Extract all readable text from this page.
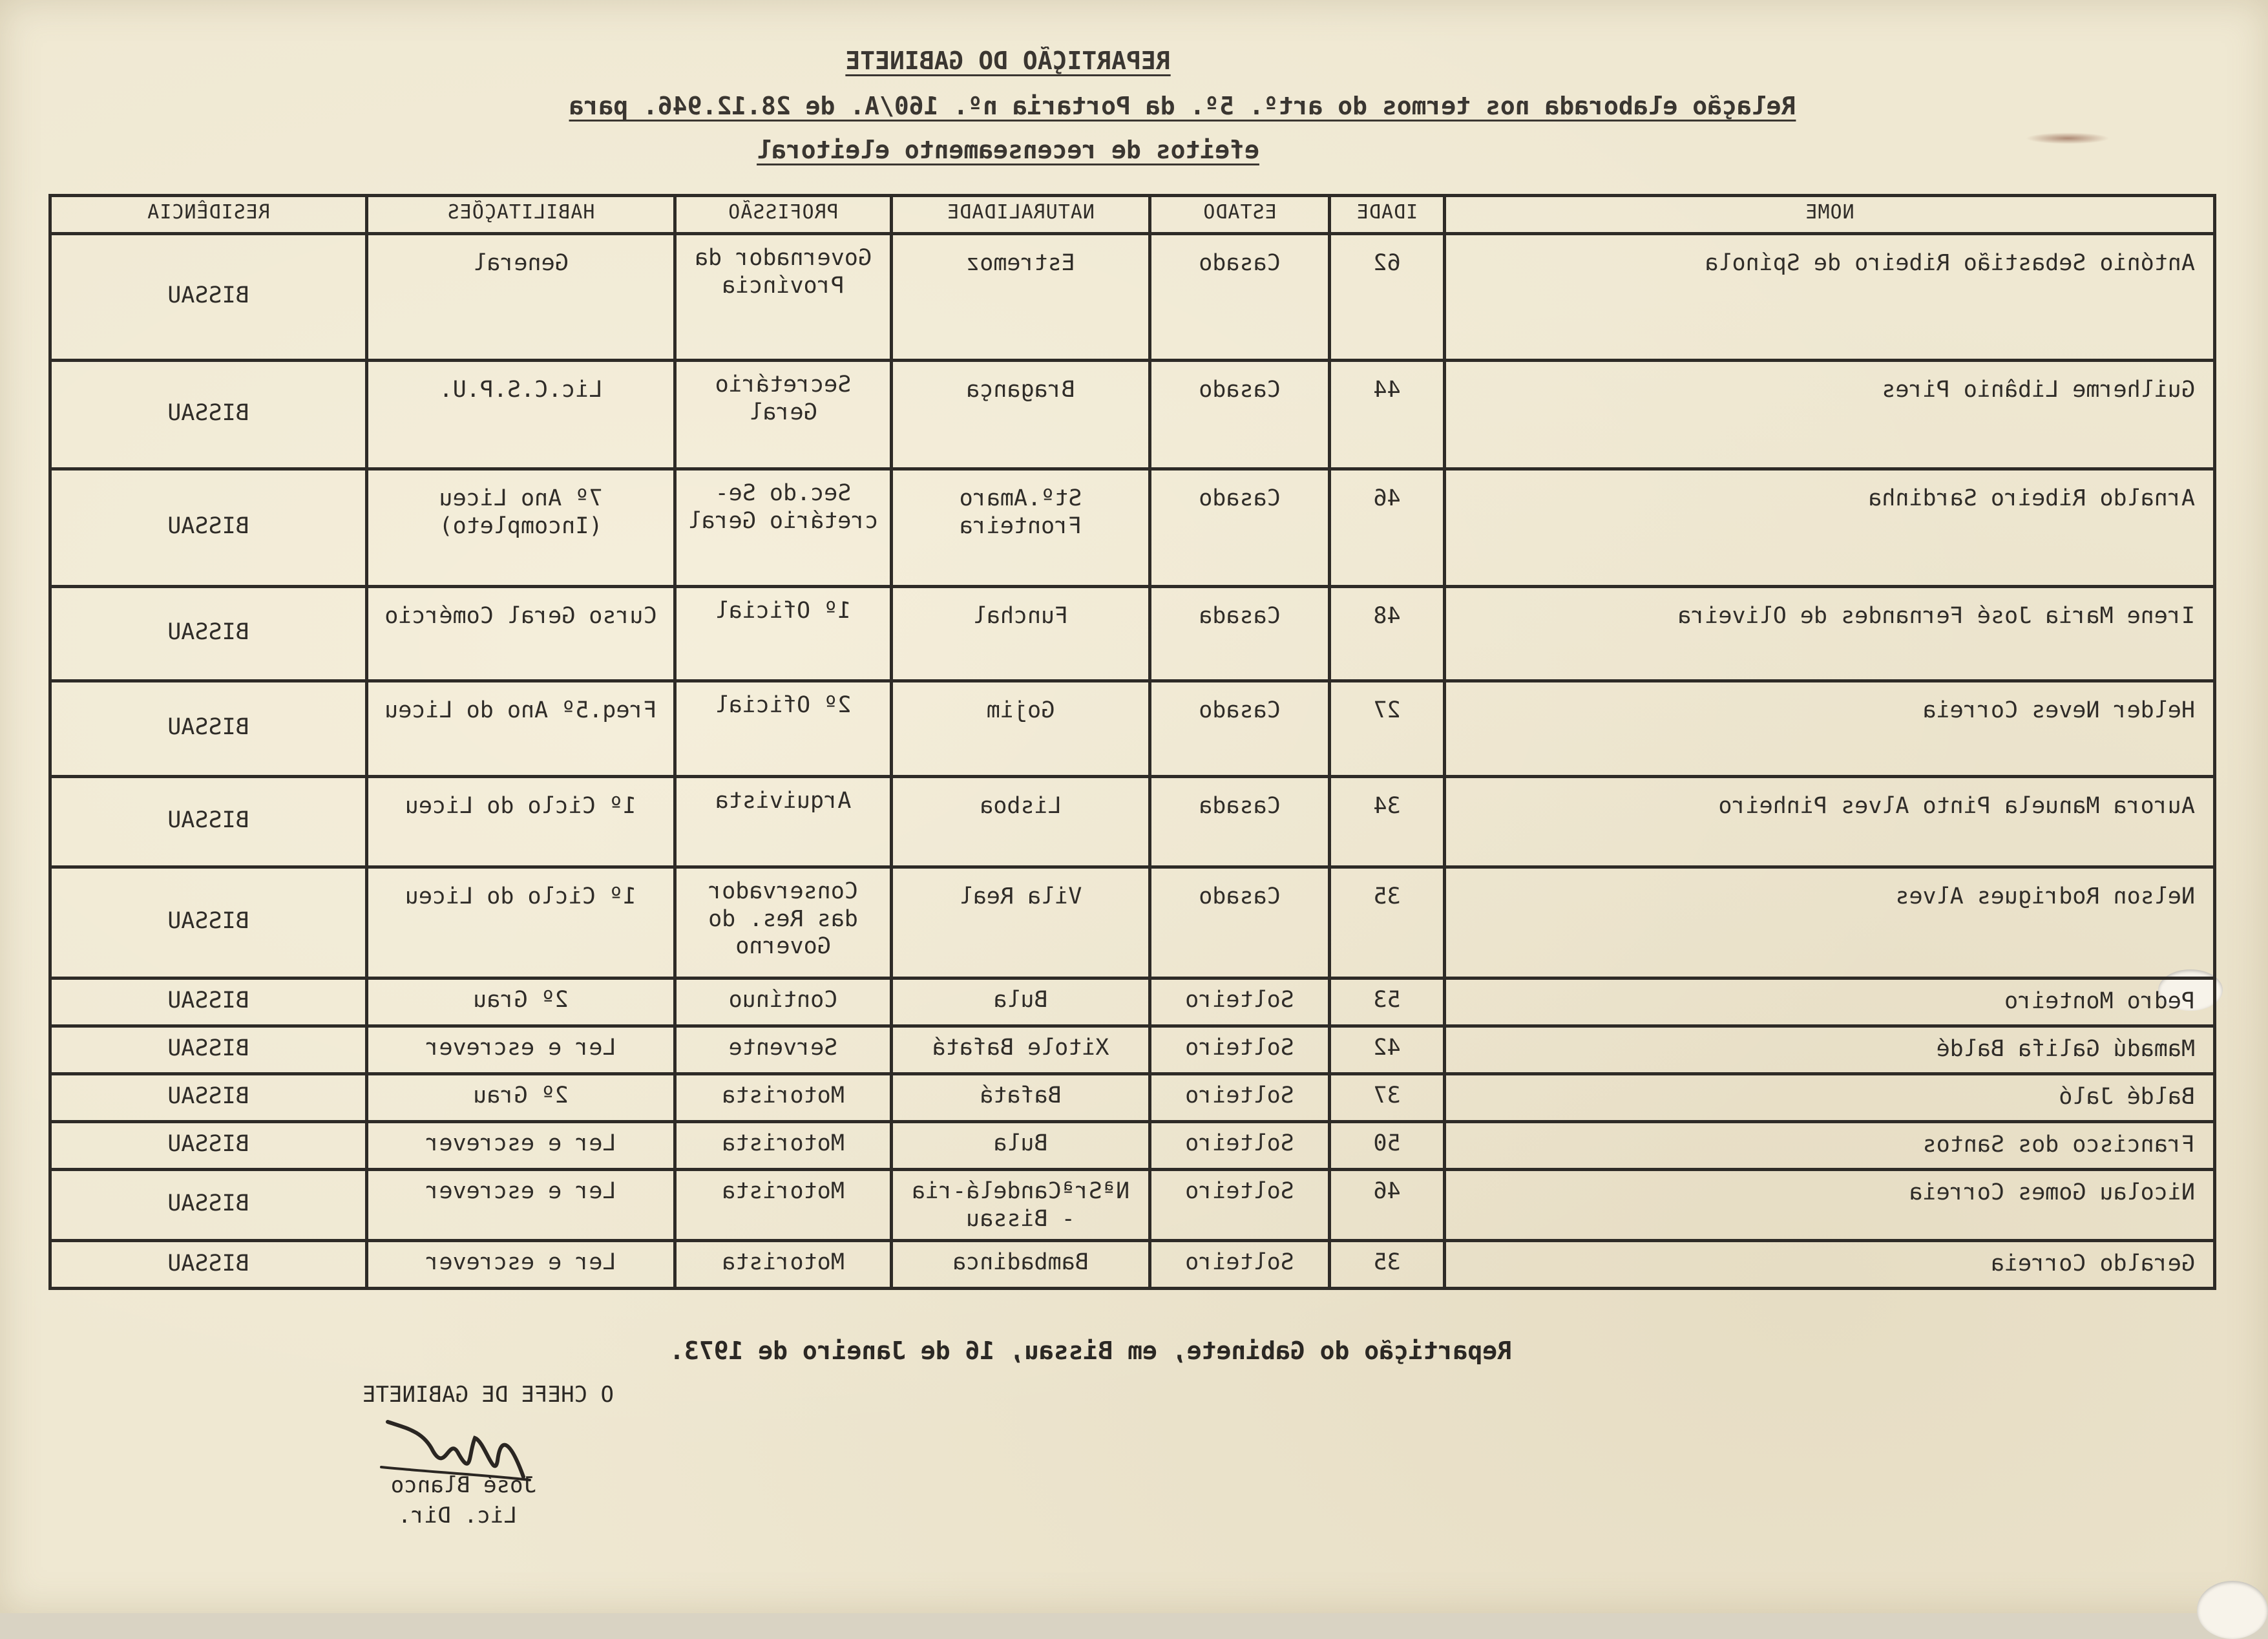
REPARTIÇÃO DO GABINETE
Relação elaborada nos termos do artº. 5º. da Portaria nº. 160/A. de 28.12.946. para
efeitos de recenseamento eleitoral
NOME	IDADE	ESTADO	NATURALIDADE	PROFISSÃO	HABILITAÇÕES	RESIDÊNCIA
António Sebastião Ribeiro de Spínola	62	Casado	Estremoz	Governador da Província	General	BISSAU
Guilherme Libânio Pires	44	Casado	Bragança	Secretário Geral	Lic.C.S.P.U.	BISSAU
Arnaldo Ribeiro Sardinha	46	Casado	Stº.Amaro Fronteira	Sec.do Se-cretário Geral	7º Ano Liceu (Incompleto)	BISSAU
Irene Maria José Fernandes de Oliveira	48	Casada	Funchal	1º Oficial	Curso Geral Comércio	BISSAU
Helder Neves Correia	27	Casado	Gojim	2º Oficial	Freq.5º Ano do Liceu	BISSAU
Aurora Manuela Pinto Alves Pinheiro	34	Casada	Lisboa	Arquivista	1º Ciclo do Liceu	BISSAU
Nelson Rodrigues Alves	35	Casado	Vila Real	Conservador das Res. do Governo	1º Ciclo do Liceu	BISSAU
Pedro Monteiro	53	Solteiro	Bula	Contínuo	2º Grau	BISSAU
Mamadú Galifa Baldé	42	Solteiro	Xitole Bafatá	Servente	Ler e escrever	BISSAU
Baldé Jaló	37	Solteiro	Bafatá	Motorista	2º Grau	BISSAU
Francisco dos Santos	50	Solteiro	Bula	Motorista	Ler e escrever	BISSAU
Nicolau Gomes Correia	46	Solteiro	NªSrªCandelá-ria - Bissau	Motorista	Ler e escrever	BISSAU
Geraldo Correia	35	Solteiro	Bambadinca	Motorista	Ler e escrever	BISSAU
Repartição do Gabinete, em Bissau, 16 de Janeiro de 1973.
O CHEFE DE GABINETE
José Blanco
Lic. Dir.
